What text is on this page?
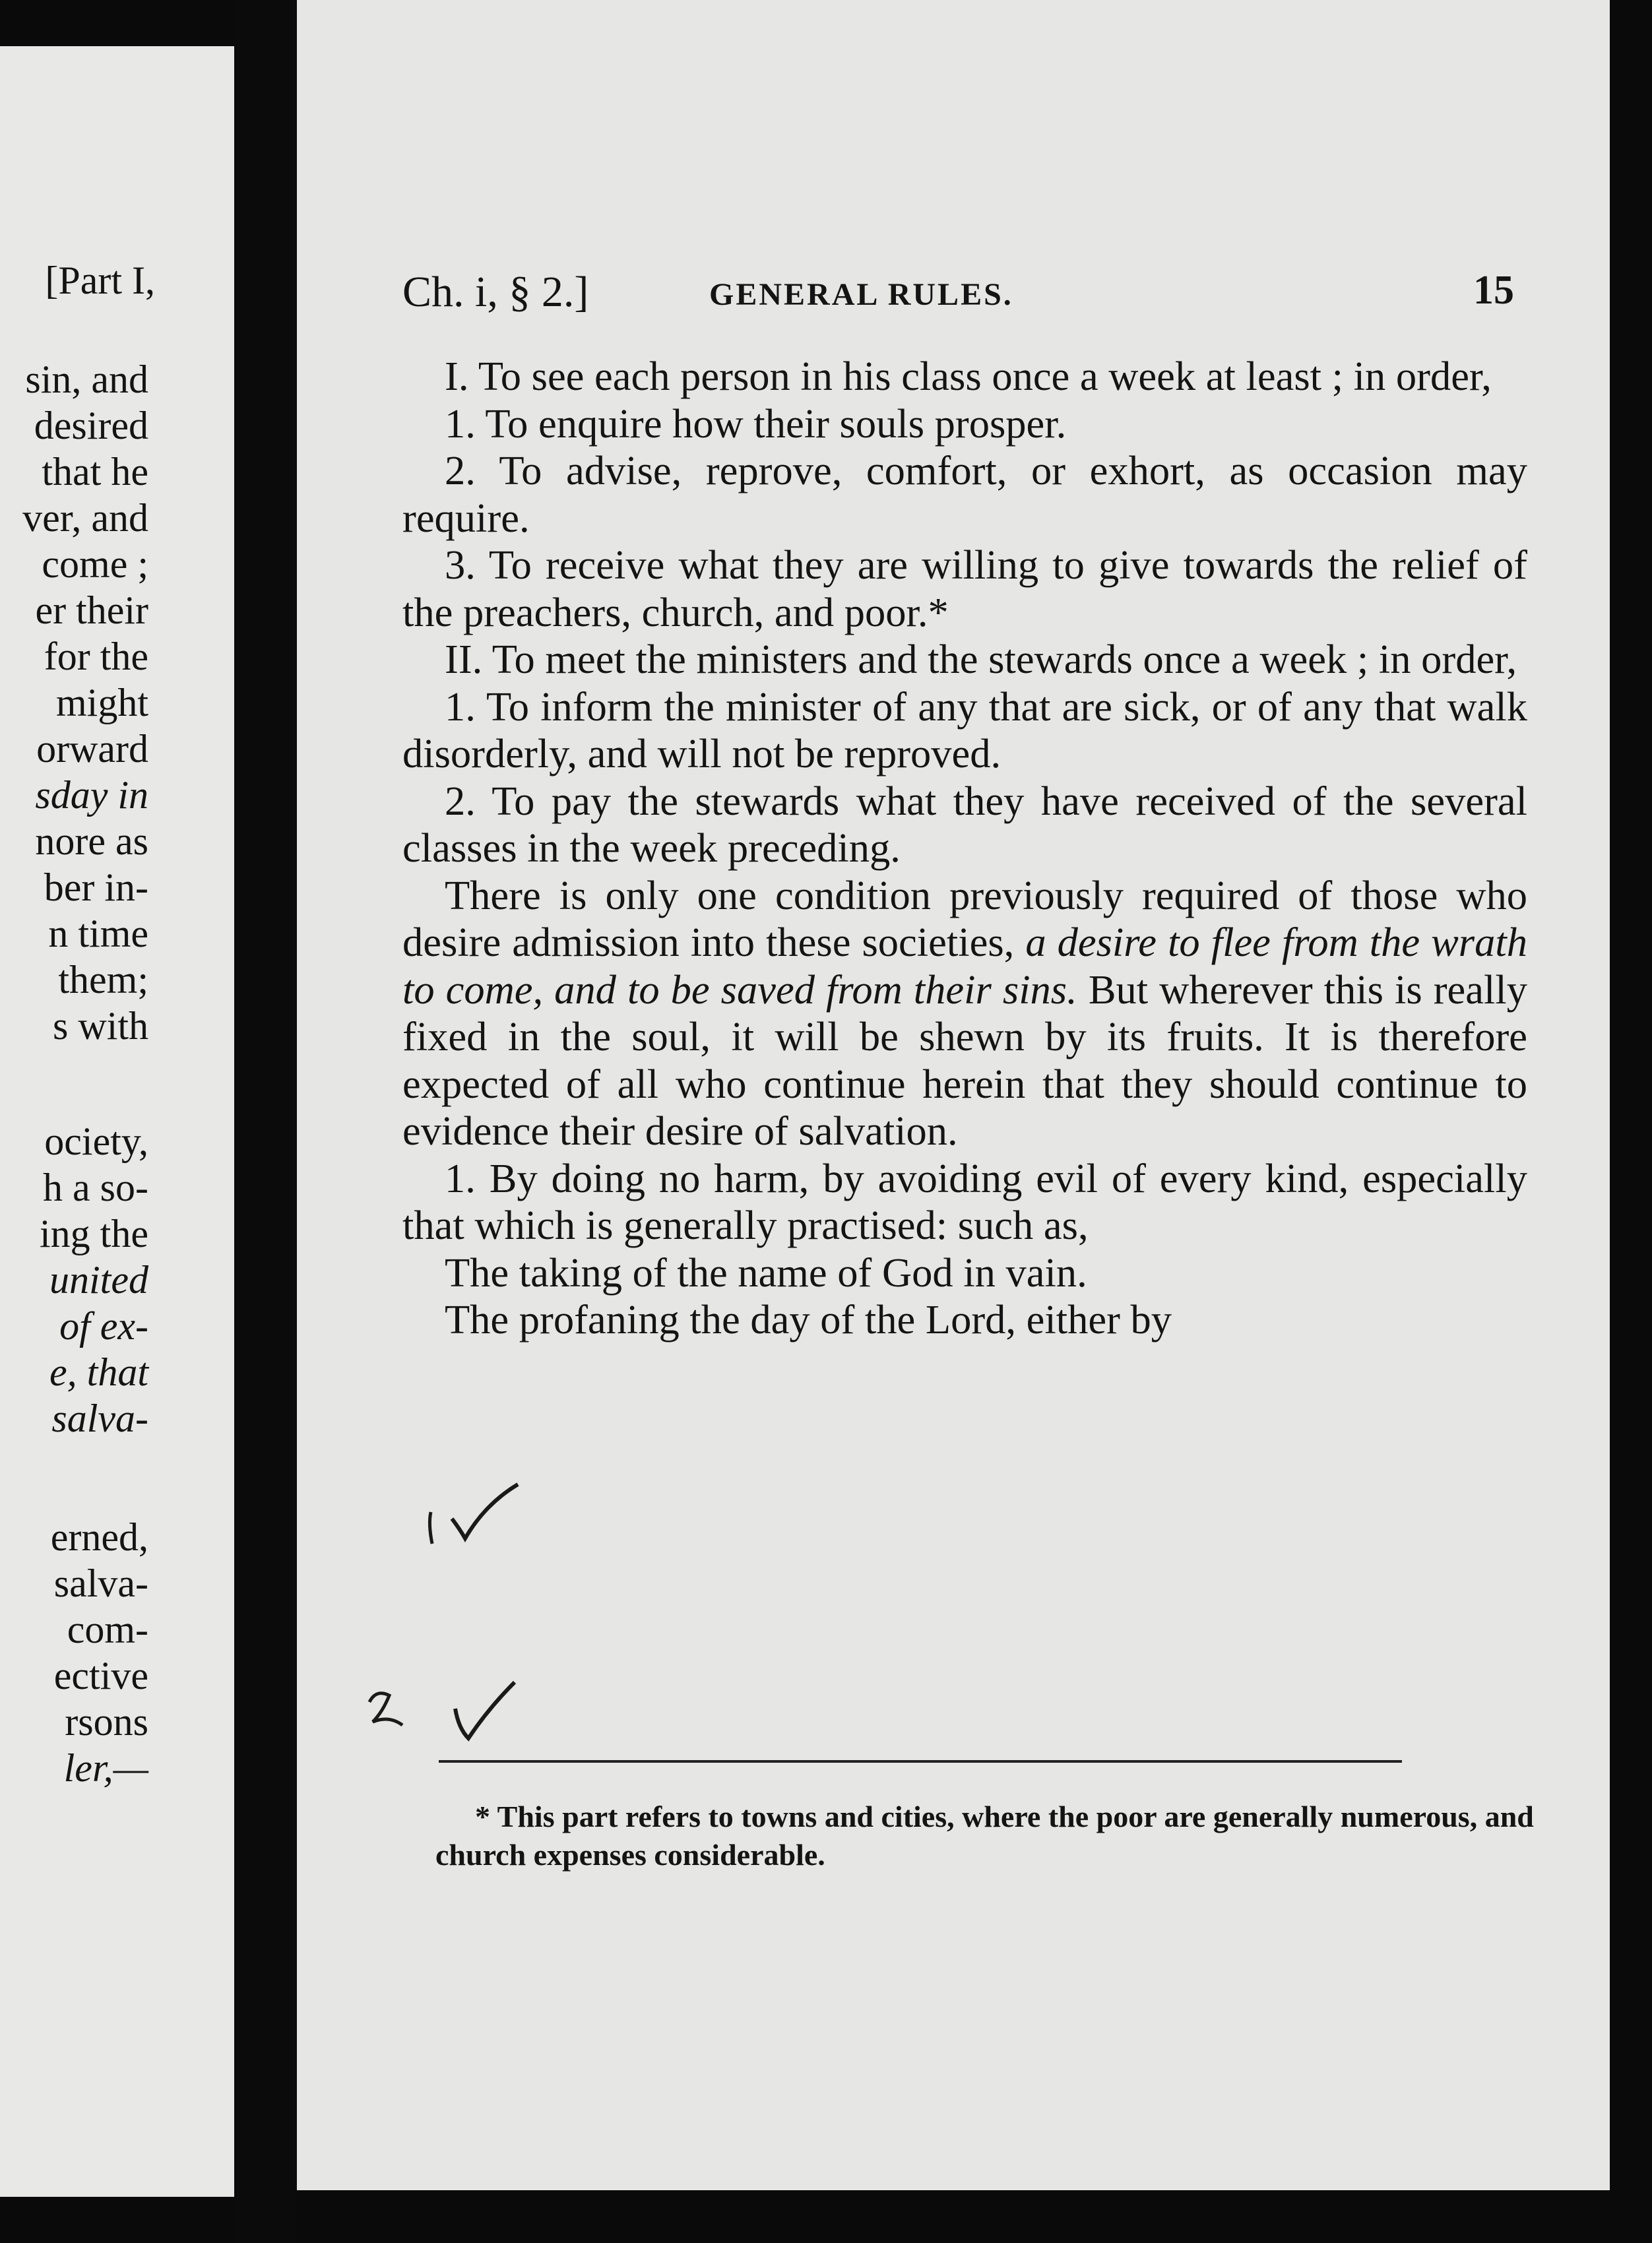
[Part I,
sin, and
desired
that he
ver, and
come ;
er their
for the
might
orward
sday in
nore as
ber in-
n time
them;
s with
ociety,
h a so-
ing the
united
of ex-
e, that
salva-
erned,
salva-
com-
ective
rsons
ler,—
Ch. i, § 2.]	GENERAL RULES.	15

I. To see each person in his class once a week at least ; in order,

1. To enquire how their souls prosper.

2. To advise, reprove, comfort, or exhort, as occasion may require.

3. To receive what they are willing to give towards the relief of the preachers, church, and poor.*

II. To meet the ministers and the stewards once a week ; in order,

1. To inform the minister of any that are sick, or of any that walk disorderly, and will not be reproved.

2. To pay the stewards what they have received of the several classes in the week preceding.

There is only one condition previously required of those who desire admission into these societies, a desire to flee from the wrath to come, and to be saved from their sins. But wherever this is really fixed in the soul, it will be shewn by its fruits. It is therefore expected of all who continue herein that they should continue to evidence their desire of salvation.

1. By doing no harm, by avoiding evil of every kind, especially that which is generally practised: such as,

The taking of the name of God in vain.

The profaning the day of the Lord, either by

* This part refers to towns and cities, where the poor are generally numerous, and church expenses considerable.
